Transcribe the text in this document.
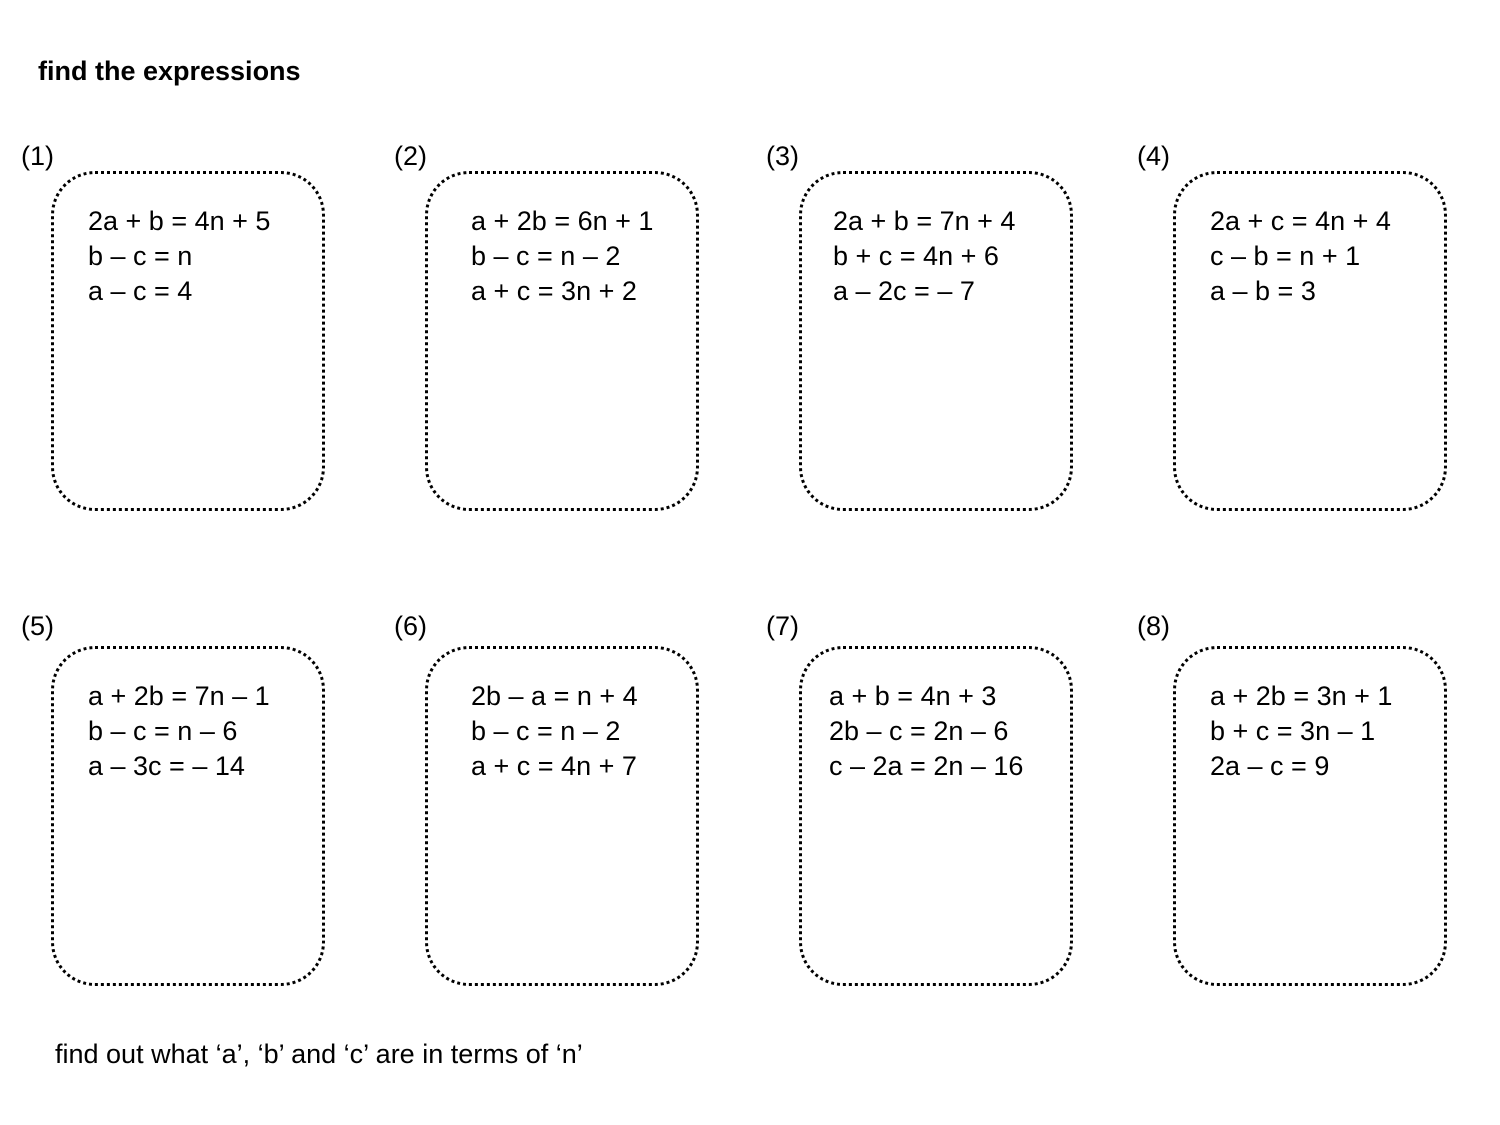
find the expressions
(1)
2a + b = 4n + 5
b – c = n
a – c = 4
(2)
a + 2b = 6n + 1
b – c = n – 2
a + c = 3n + 2
(3)
2a + b = 7n + 4
b + c = 4n + 6
a – 2c = – 7
(4)
2a + c = 4n + 4
c – b = n + 1
a – b = 3
(5)
a + 2b = 7n – 1
b – c = n – 6
a – 3c = – 14
(6)
2b – a = n + 4
b – c = n – 2
a + c = 4n + 7
(7)
a + b = 4n + 3
2b – c = 2n – 6
c – 2a = 2n – 16
(8)
a + 2b = 3n + 1
b + c = 3n – 1
2a – c = 9
find out what ‘a’, ‘b’ and ‘c’ are in terms of ‘n’
